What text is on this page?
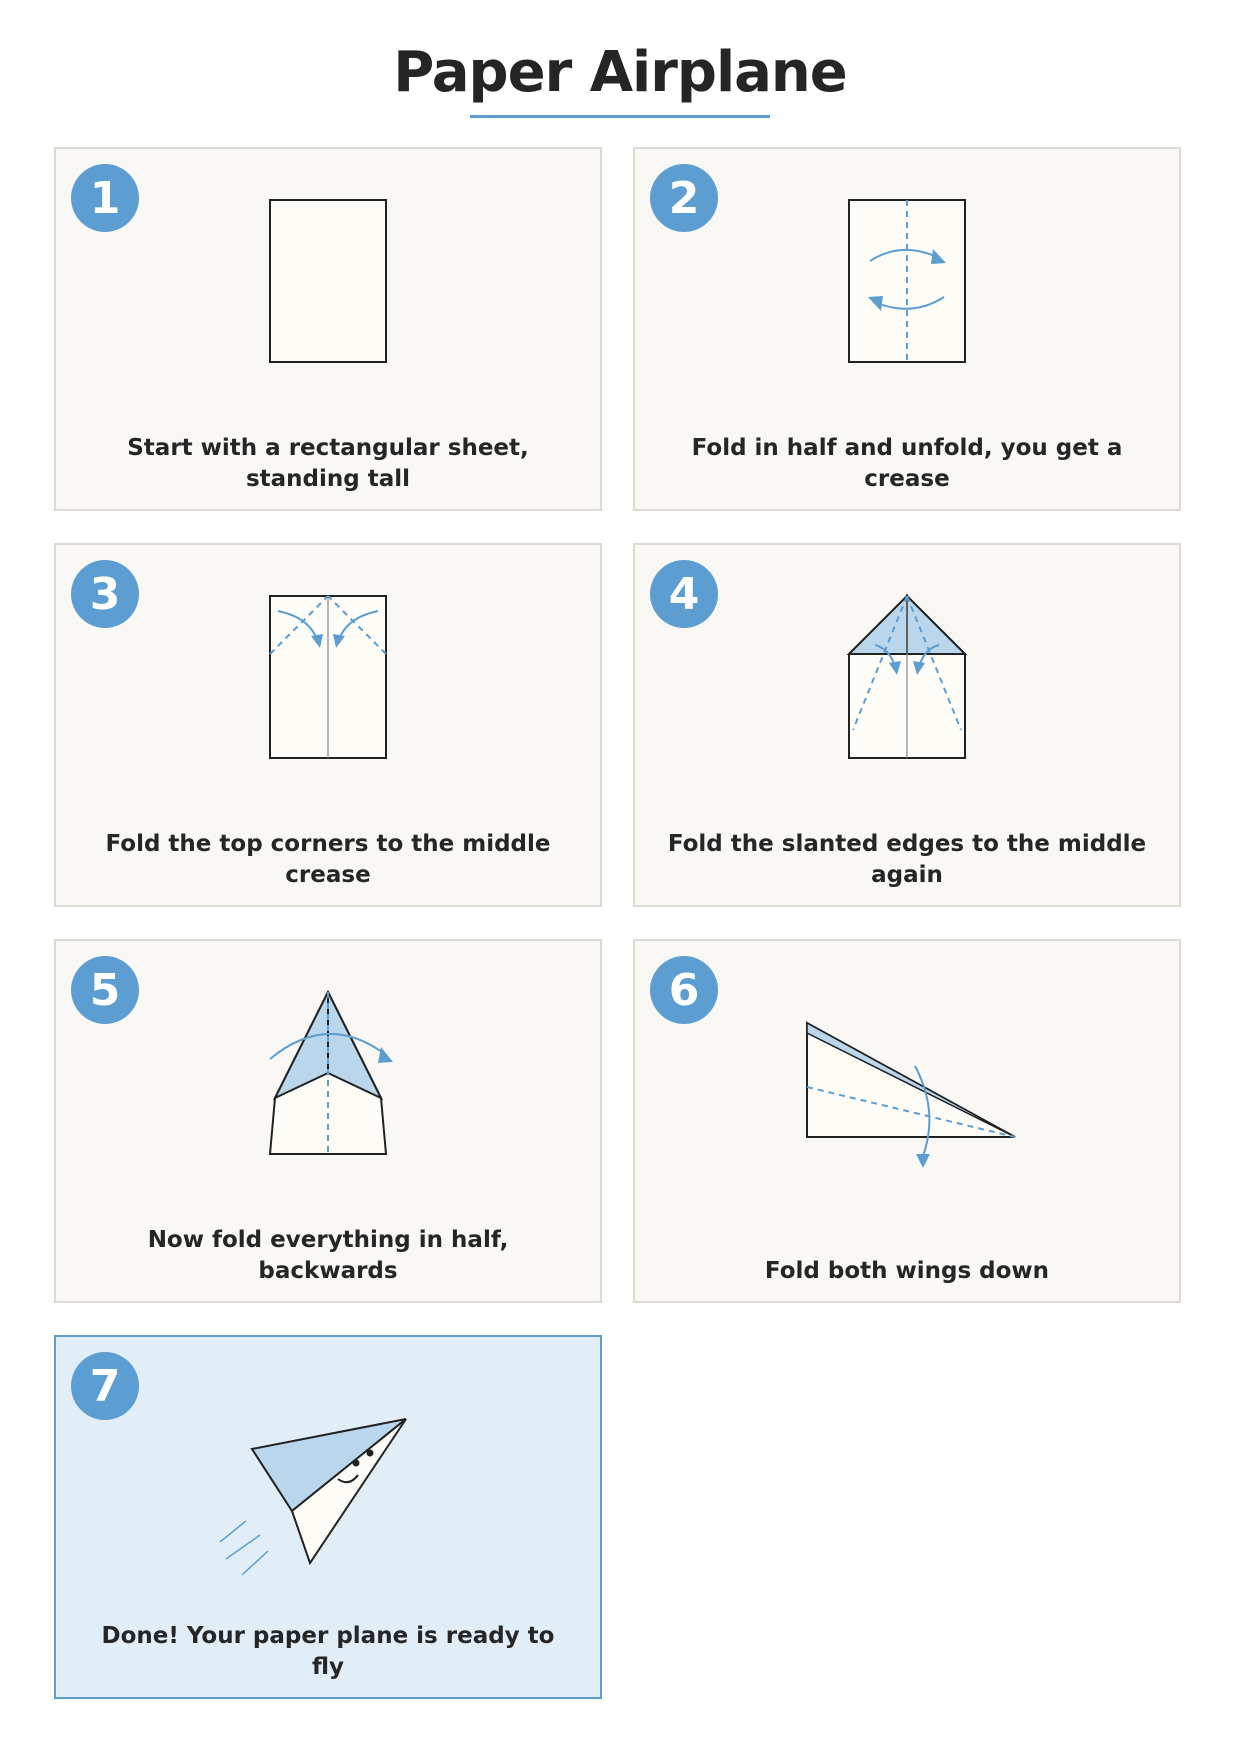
Paper Airplane
1
Start with a rectangular sheet, standing tall
2
Fold in half and unfold, you get a crease
3
Fold the top corners to the middle crease
4
Fold the slanted edges to the middle again
5
Now fold everything in half, backwards
6
Fold both wings down
7
Done! Your paper plane is ready to fly
